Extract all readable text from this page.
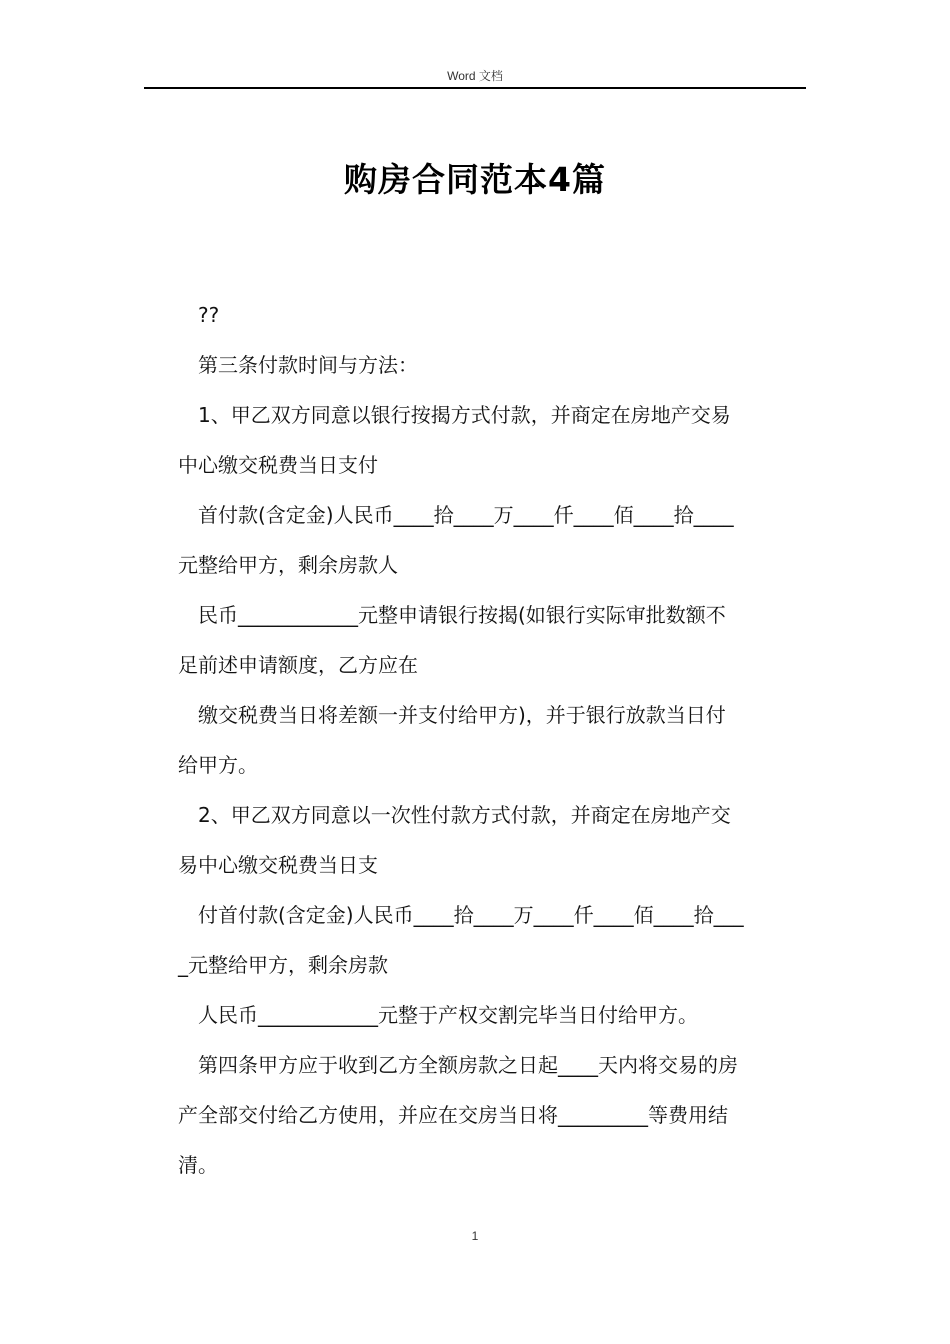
Word 文档
购房合同范本4篇
??
第三条付款时间与方法：
1、甲乙双方同意以银行按揭方式付款，并商定在房地产交易
中心缴交税费当日支付
首付款(含定金)人民币____拾____万____仟____佰____拾____
元整给甲方，剩余房款人
民币____________元整申请银行按揭(如银行实际审批数额不
足前述申请额度，乙方应在
缴交税费当日将差额一并支付给甲方)，并于银行放款当日付
给甲方。
2、甲乙双方同意以一次性付款方式付款，并商定在房地产交
易中心缴交税费当日支
付首付款(含定金)人民币____拾____万____仟____佰____拾___
_元整给甲方，剩余房款
人民币____________元整于产权交割完毕当日付给甲方。
第四条甲方应于收到乙方全额房款之日起____天内将交易的房
产全部交付给乙方使用，并应在交房当日将_________等费用结
清。
1
